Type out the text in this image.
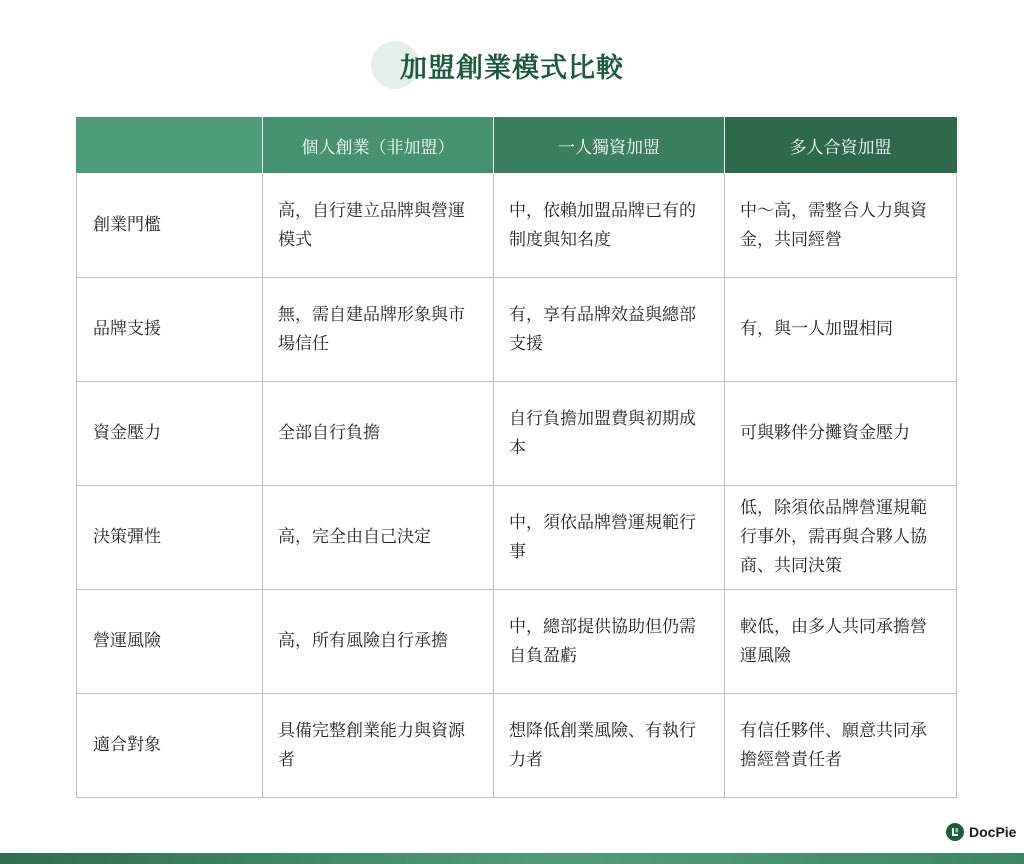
加盟創業模式比較
	個人創業（非加盟）	一人獨資加盟	多人合資加盟
創業門檻	高，自行建立品牌與營運模式	中，依賴加盟品牌已有的制度與知名度	中～高，需整合人力與資金，共同經營
品牌支援	無，需自建品牌形象與市場信任	有，享有品牌效益與總部支援	有，與一人加盟相同
資金壓力	全部自行負擔	自行負擔加盟費與初期成本	可與夥伴分攤資金壓力
決策彈性	高，完全由自己決定	中，須依品牌營運規範行事	低，除須依品牌營運規範行事外，需再與合夥人協商、共同決策
營運風險	高，所有風險自行承擔	中，總部提供協助但仍需自負盈虧	較低，由多人共同承擔營運風險
適合對象	具備完整創業能力與資源者	想降低創業風險、有執行力者	有信任夥伴、願意共同承擔經營責任者
DocPie
